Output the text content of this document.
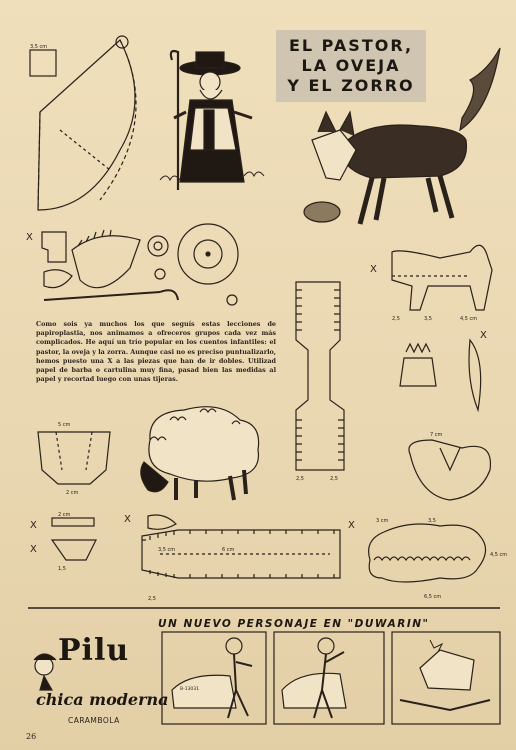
EL PASTOR,
LA OVEJA
Y EL ZORRO
3,5 cm
X
X
2,5	3,5	4,5 cm
2,5	2,5
X
5 cm
2 cm
7 cm
X
X
X
X
2 cm
1,5
6 cm
3,5 cm
2,5
3 cm	3,5
6,5 cm
4,5 cm
B-13031
Como sois ya muchos los que seguís estas lecciones de papiroplastia, nos animamos a ofreceros grupos cada vez más complicados. He aquí un trío popular en los cuentos infantiles: el pastor, la oveja y la zorra. Aunque casi no es preciso puntualizarlo, hemos puesto una X a las piezas que han de ir dobles. Utilizad papel de barba o cartulina muy fina, pasad bien las medidas al papel y recortad luego con unas tijeras.
UN NUEVO PERSONAJE EN "DUWARIN"
Pilu
chica moderna
CARAMBOLA
26
